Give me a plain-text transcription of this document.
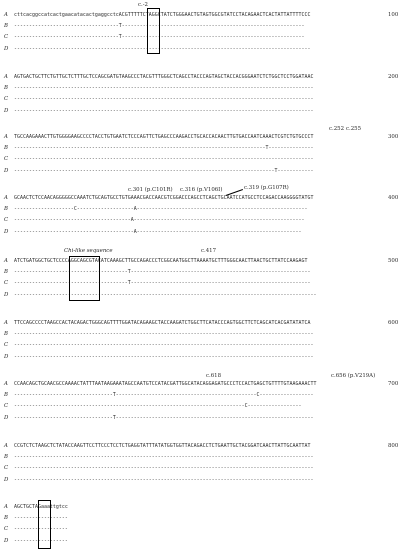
A cttcacggccatcactgaacatacactgaggcctcACGTTTTTCTAGGCTATCTGGGAACTGTAGTGGCGTATCCTACAGAACTCACTATTATTTTCCC	100
B -----------------------------------T-------------------------------------------------------------
C -----------------------------------T-------------------------------------------------------------
D ---------------------------------------------------------------------------------------------------
A AGTGACTGCTTCTGTTGCTCTTTGCTCCAGCGATGTAAGCCCTACGTTTGGGCTCAGCCTACCCAGTAGCTACCACGGGAATCTCTGGCTCCTGGATAAC	200
B ----------------------------------------------------------------------------------------------------
C ----------------------------------------------------------------------------------------------------
D ----------------------------------------------------------------------------------------------------
A TGCCAAGAAACTTGTGGGGAAGCCCCTACCTGTGAATCTCCCAGTTCTGAGCCCAAGACCTGCACCACAACTTGTGACCAATCAAACTCGTCTGTGCCCT	300
B ------------------------------------------------------------------------------------T---------------
C ----------------------------------------------------------------------------------------------------
D ---------------------------------------------------------------------------------------T------------
A GCAACTCTCCAACAGGGGGCCAAATCTGCAGTGCCTGTGAAACGACCAACGTCGGACCCAGCCTCAGCTGCAATCCATGCCTCCAGACCAAGGGGTATGT	400
B --------------------C-------------------A---------------------------------------------------------
C ---------------------------------------A---------------------------------------------------------
D ----------------------------------------A-------------------------------------------------------
A ATCTGATGGCTGCTCCCCAGGCAGCGTACATCAAAGCTTGCCAGACCCTCGGCAATGGCTTAAAATGCTTTGGGCAACTTAACTGCTTATCCAAGAGT	500
B --------------------------------------T------------------------------------------------------------
C --------------------------------------T------------------------------------------------------------
D -----------------------------------------------------------------------------------------------------
A TTCCAGCCCCTAAGCCACTACAGACTGGGCAGTTTTGGATACAGAAGCTACCAAGATCTGGCTTCATACCCAGTGGCTTCTCAGCATCACGATATATCA	600
B ----------------------------------------------------------------------------------------------------
C ----------------------------------------------------------------------------------------------------
D ----------------------------------------------------------------------------------------------------
A CCAACAGCTGCAACGCCAAAACTATTTAATAAGAAATAGCCAATGTCCATACGATTGGCATACAGGAGATGCCCTCCACTGAGCTGTTTTGTAAGAAACTT	700
B ---------------------------------T-----------------------------------------------C------------------
C -----------------------------------------------------------------------------C------------------
D ---------------------------------T------------------------------------------------------------------
A CCGTCTCTAAGCTCTATACCAAGTTCCTTCCCTCCTCTGAGGTATTTATATGGTGGTTACAGACCTCTGAATTGCTACGGATCAACTTATTGCAATTAT	800
B ----------------------------------------------------------------------------------------------------
C ----------------------------------------------------------------------------------------------------
D ----------------------------------------------------------------------------------------------------
A AGCTGCTAGaaattgtcc
B ------------------
C ------------------
D ------------------
c.-2
c.252 c.255
c.301 (p.C101R) c.316 (p.V106I)	c.319 (p.G107R)
Chi-like sequence	c.417
c.618	c.656 (p.V219A)
